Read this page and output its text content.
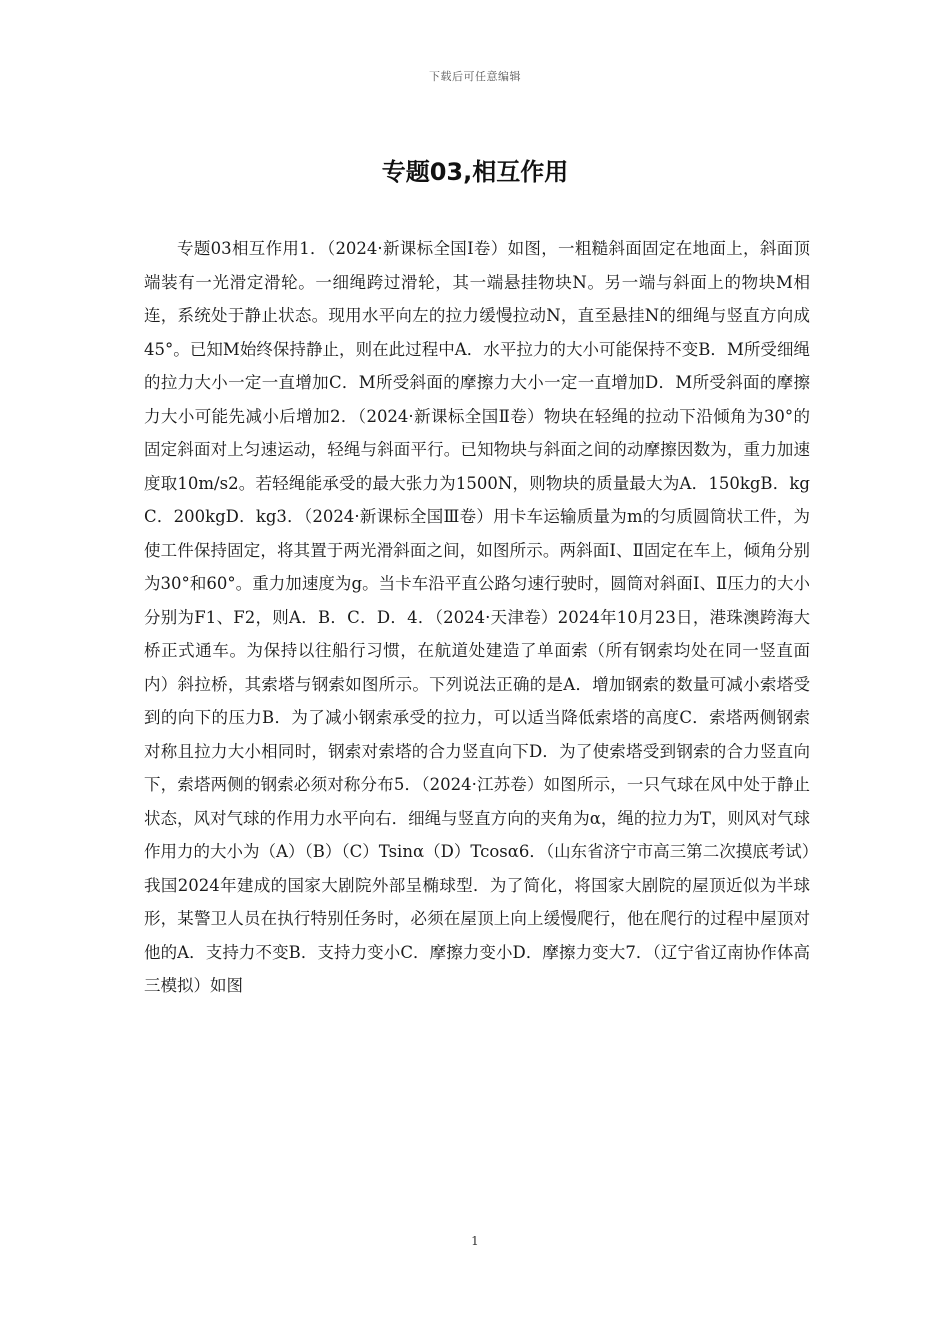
下载后可任意编辑
专题03,相互作用

专题03相互作用1．（2024·新课标全国Ⅰ卷）如图，一粗糙斜面固定在地面上，斜面顶端装有一光滑定滑轮。一细绳跨过滑轮，其一端悬挂物块N。另一端与斜面上的物块M相连，系统处于静止状态。现用水平向左的拉力缓慢拉动N，直至悬挂N的细绳与竖直方向成45°。已知M始终保持静止，则在此过程中A．水平拉力的大小可能保持不变B．M所受细绳的拉力大小一定一直增加C．M所受斜面的摩擦力大小一定一直增加D．M所受斜面的摩擦力大小可能先减小后增加2．（2024·新课标全国Ⅱ卷）物块在轻绳的拉动下沿倾角为30°的固定斜面对上匀速运动，轻绳与斜面平行。已知物块与斜面之间的动摩擦因数为，重力加速度取10m/s2。若轻绳能承受的最大张力为1500N，则物块的质量最大为A．150kgB．kgC．200kgD．kg3．（2024·新课标全国Ⅲ卷）用卡车运输质量为m的匀质圆筒状工件，为使工件保持固定，将其置于两光滑斜面之间，如图所示。两斜面Ⅰ、Ⅱ固定在车上，倾角分别为30°和60°。重力加速度为g。当卡车沿平直公路匀速行驶时，圆筒对斜面Ⅰ、Ⅱ压力的大小分别为F1、F2，则A．B．C．D．4．（2024·天津卷）2024年10月23日，港珠澳跨海大桥正式通车。为保持以往船行习惯，在航道处建造了单面索（所有钢索均处在同一竖直面内）斜拉桥，其索塔与钢索如图所示。下列说法正确的是A．增加钢索的数量可减小索塔受到的向下的压力B．为了减小钢索承受的拉力，可以适当降低索塔的高度C．索塔两侧钢索对称且拉力大小相同时，钢索对索塔的合力竖直向下D．为了使索塔受到钢索的合力竖直向下，索塔两侧的钢索必须对称分布5．（2024·江苏卷）如图所示，一只气球在风中处于静止状态，风对气球的作用力水平向右．细绳与竖直方向的夹角为α，绳的拉力为T，则风对气球作用力的大小为（A）（B）（C）Tsinα（D）Tcosα6．（山东省济宁市高三第二次摸底考试）我国2024年建成的国家大剧院外部呈椭球型．为了简化，将国家大剧院的屋顶近似为半球形，某警卫人员在执行特别任务时，必须在屋顶上向上缓慢爬行，他在爬行的过程中屋顶对他的A．支持力不变B．支持力变小C．摩擦力变小D．摩擦力变大7．（辽宁省辽南协作体高三模拟）如图

1
